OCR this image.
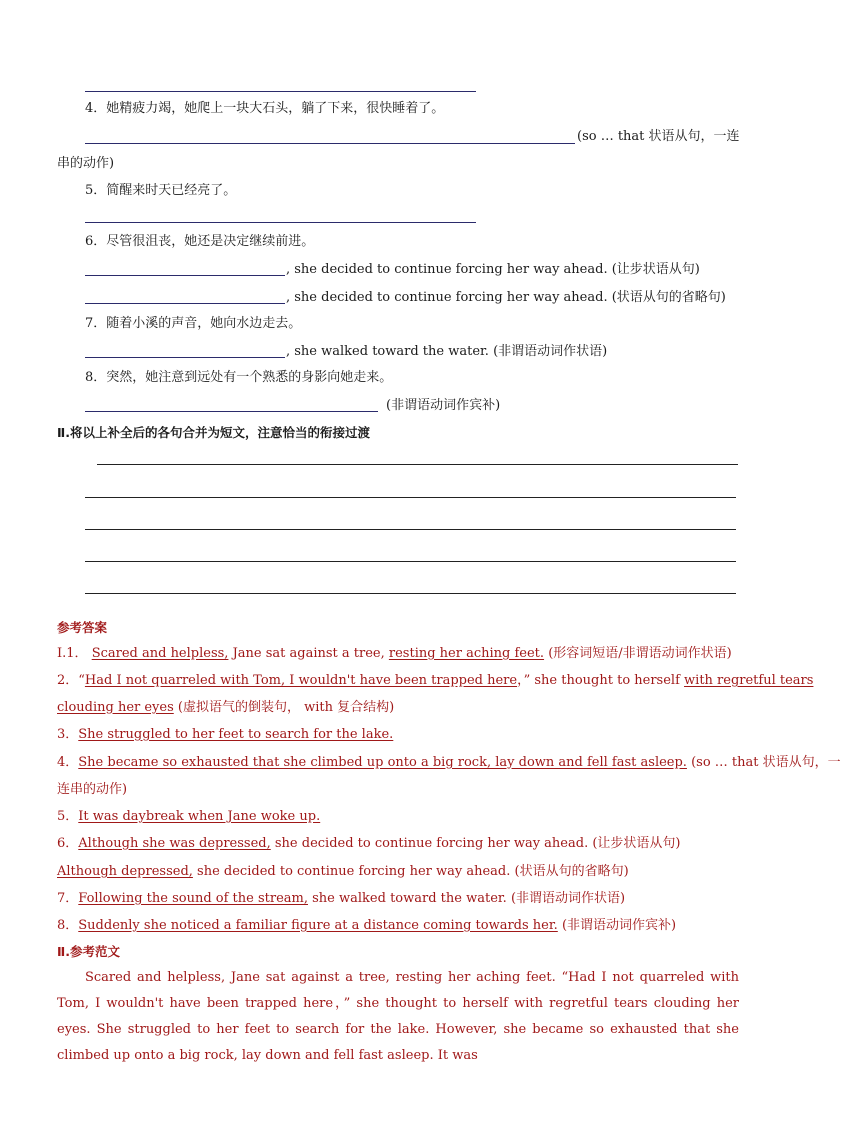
4．她精疲力竭，她爬上一块大石头，躺了下来，很快睡着了。
(so … that 状语从句，一连
串的动作)
5．简醒来时天已经亮了。
6．尽管很沮丧，她还是决定继续前进。
, she decided to continue forcing her way ahead. (让步状语从句)
, she decided to continue forcing her way ahead. (状语从句的省略句)
7．随着小溪的声音，她向水边走去。
, she walked toward the water. (非谓语动词作状语)
8．突然，她注意到远处有一个熟悉的身影向她走来。
(非谓语动词作宾补)
Ⅱ.将以上补全后的各句合并为短文，注意恰当的衔接过渡
参考答案
Ⅰ.1． Scared and helpless, Jane sat against a tree, resting her aching feet. (形容词短语/非谓语动词作状语)
2．“Had I not quarreled with Tom, I wouldn't have been trapped here，” she thought to herself with regretful tears
clouding her eyes (虚拟语气的倒装句， with 复合结构)
3．She struggled to her feet to search for the lake.
4．She became so exhausted that she climbed up onto a big rock, lay down and fell fast asleep. (so … that 状语从句，一
连串的动作)
5．It was daybreak when Jane woke up.
6．Although she was depressed, she decided to continue forcing her way ahead. (让步状语从句)
Although depressed, she decided to continue forcing her way ahead. (状语从句的省略句)
7．Following the sound of the stream, she walked toward the water. (非谓语动词作状语)
8．Suddenly she noticed a familiar figure at a distance coming towards her. (非谓语动词作宾补)
Ⅱ.参考范文
Scared and helpless, Jane sat against a tree, resting her aching feet. “Had I not quarreled with Tom, I wouldn't have been trapped here，” she thought to herself with regretful tears clouding her eyes. She struggled to her feet to search for the lake. However, she became so exhausted that she climbed up onto a big rock, lay down and fell fast asleep. It was
